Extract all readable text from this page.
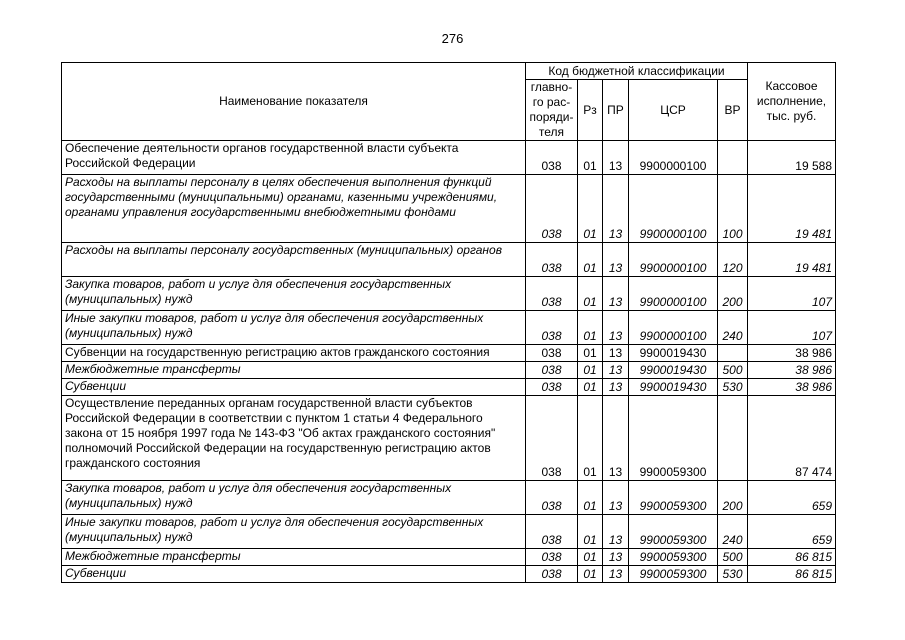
276
Наименование показателя	Код бюджетной классификации					Кассовое исполнение, тыс. руб.
	главно-го рас-поряди-теля	Рз	ПР	ЦСР	ВР	
Обеспечение деятельности органов государственной власти субъекта Российской Федерации	038	01	13	9900000100		19 588
Расходы на выплаты персоналу в целях обеспечения выполнения функций государственными (муниципальными) органами, казенными учреждениями, органами управления государственными внебюджетными фондами	038	01	13	9900000100	100	19 481
Расходы на выплаты персоналу государственных (муниципальных) органов	038	01	13	9900000100	120	19 481
Закупка товаров, работ и услуг для обеспечения государственных (муниципальных) нужд	038	01	13	9900000100	200	107
Иные закупки товаров, работ и услуг для обеспечения государственных (муниципальных) нужд	038	01	13	9900000100	240	107
Субвенции на государственную регистрацию актов гражданского состояния	038	01	13	9900019430		38 986
Межбюджетные трансферты	038	01	13	9900019430	500	38 986
Субвенции	038	01	13	9900019430	530	38 986
Осуществление переданных органам государственной власти субъектов Российской Федерации в соответствии с пунктом 1 статьи 4 Федерального закона от 15 ноября 1997 года № 143-ФЗ "Об актах гражданского состояния" полномочий Российской Федерации на государственную регистрацию актов гражданского состояния	038	01	13	9900059300		87 474
Закупка товаров, работ и услуг для обеспечения государственных (муниципальных) нужд	038	01	13	9900059300	200	659
Иные закупки товаров, работ и услуг для обеспечения государственных (муниципальных) нужд	038	01	13	9900059300	240	659
Межбюджетные трансферты	038	01	13	9900059300	500	86 815
Субвенции	038	01	13	9900059300	530	86 815
